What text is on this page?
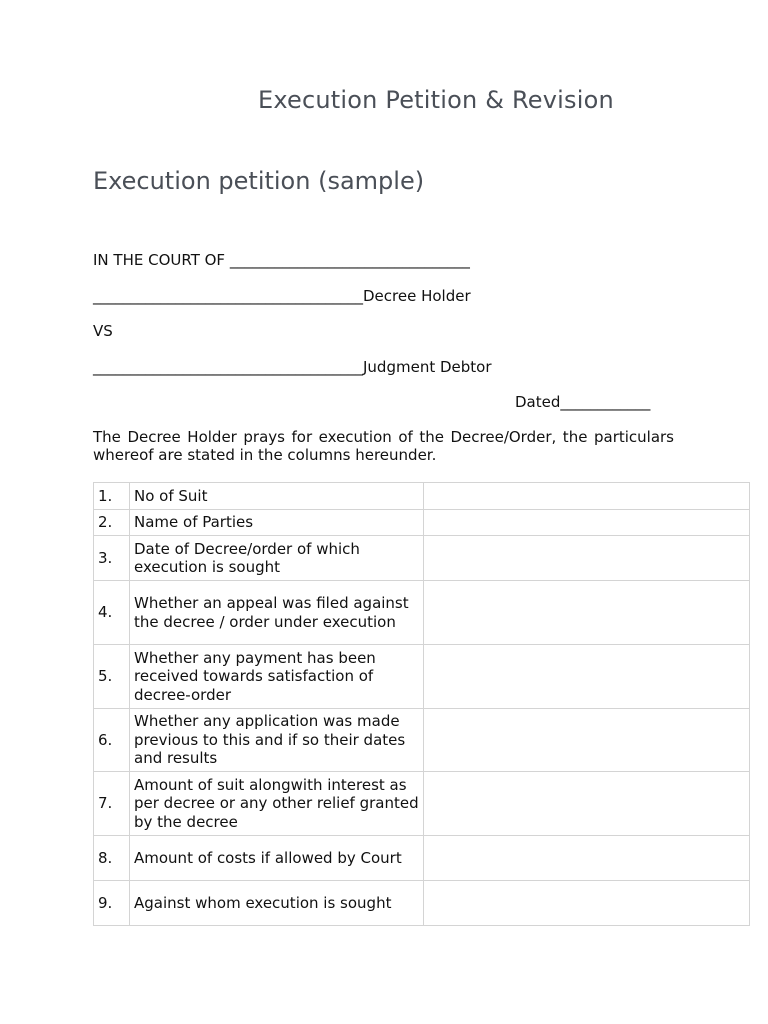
Execution Petition & Revision
Execution petition (sample)
IN THE COURT OF ________________________________
____________________________________Decree Holder
VS
____________________________________Judgment Debtor
Dated____________
The Decree Holder prays for execution of the Decree/Order, the particulars whereof are stated in the columns hereunder.
1.	No of Suit	
2.	Name of Parties	
3.	Date of Decree/order of which execution is sought	
4.	Whether an appeal was filed against the decree / order under execution	
5.	Whether any payment has been received towards satisfaction of decree-order	
6.	Whether any application was made previous to this and if so their dates and results	
7.	Amount of suit alongwith interest as per decree or any other relief granted by the decree	
8.	Amount of costs if allowed by Court	
9.	Against whom execution is sought	
